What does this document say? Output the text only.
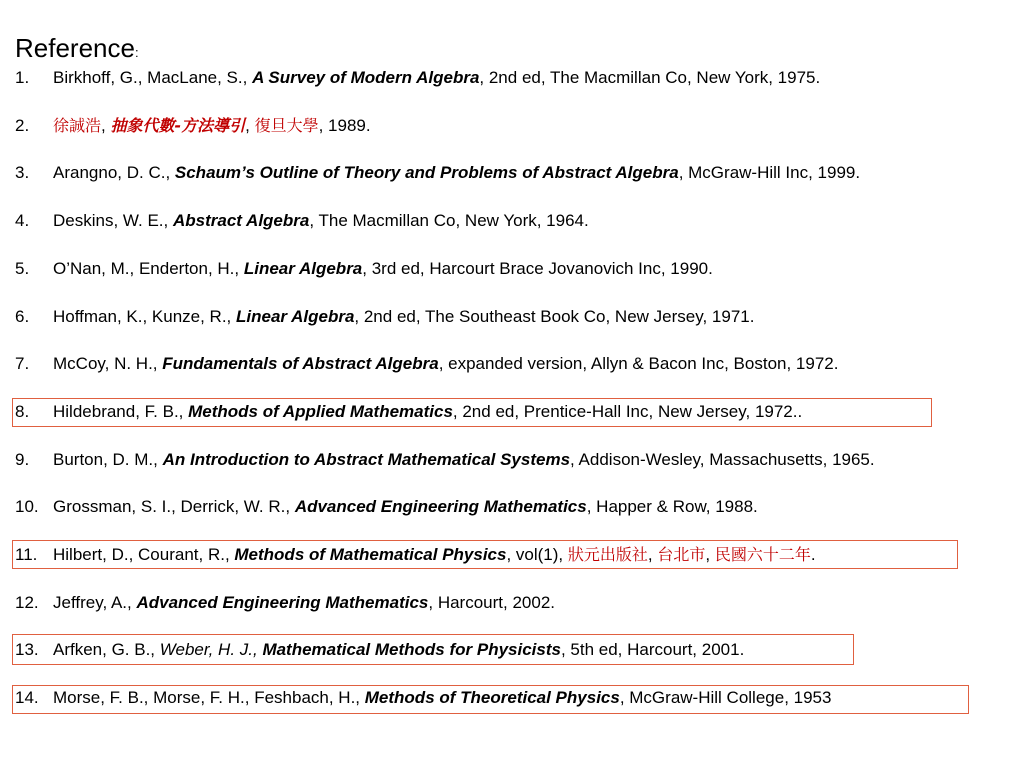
Reference:
1. Birkhoff, G., MacLane, S., A Survey of Modern Algebra, 2nd ed, The Macmillan Co, New York, 1975.
2. 徐誠浩, 抽象代數-方法導引, 復旦大學, 1989.
3. Arangno, D. C., Schaum’s Outline of Theory and Problems of Abstract Algebra, McGraw-Hill Inc, 1999.
4. Deskins, W. E., Abstract Algebra, The Macmillan Co, New York, 1964.
5. O’Nan, M., Enderton, H., Linear Algebra, 3rd ed, Harcourt Brace Jovanovich Inc, 1990.
6. Hoffman, K., Kunze, R., Linear Algebra, 2nd ed, The Southeast Book Co, New Jersey, 1971.
7. McCoy, N. H., Fundamentals of Abstract Algebra, expanded version, Allyn & Bacon Inc, Boston, 1972.
8. Hildebrand, F. B., Methods of Applied Mathematics, 2nd ed, Prentice-Hall Inc, New Jersey, 1972..
9. Burton, D. M., An Introduction to Abstract Mathematical Systems, Addison-Wesley, Massachusetts, 1965.
10. Grossman, S. I., Derrick, W. R., Advanced Engineering Mathematics, Happer & Row, 1988.
11. Hilbert, D., Courant, R., Methods of Mathematical Physics, vol(1), 狀元出版社, 台北市, 民國六十二年.
12. Jeffrey, A., Advanced Engineering Mathematics, Harcourt, 2002.
13. Arfken, G. B., Weber, H. J., Mathematical Methods for Physicists, 5th ed, Harcourt, 2001.
14. Morse, F. B., Morse, F. H., Feshbach, H., Methods of Theoretical Physics, McGraw-Hill College, 1953
